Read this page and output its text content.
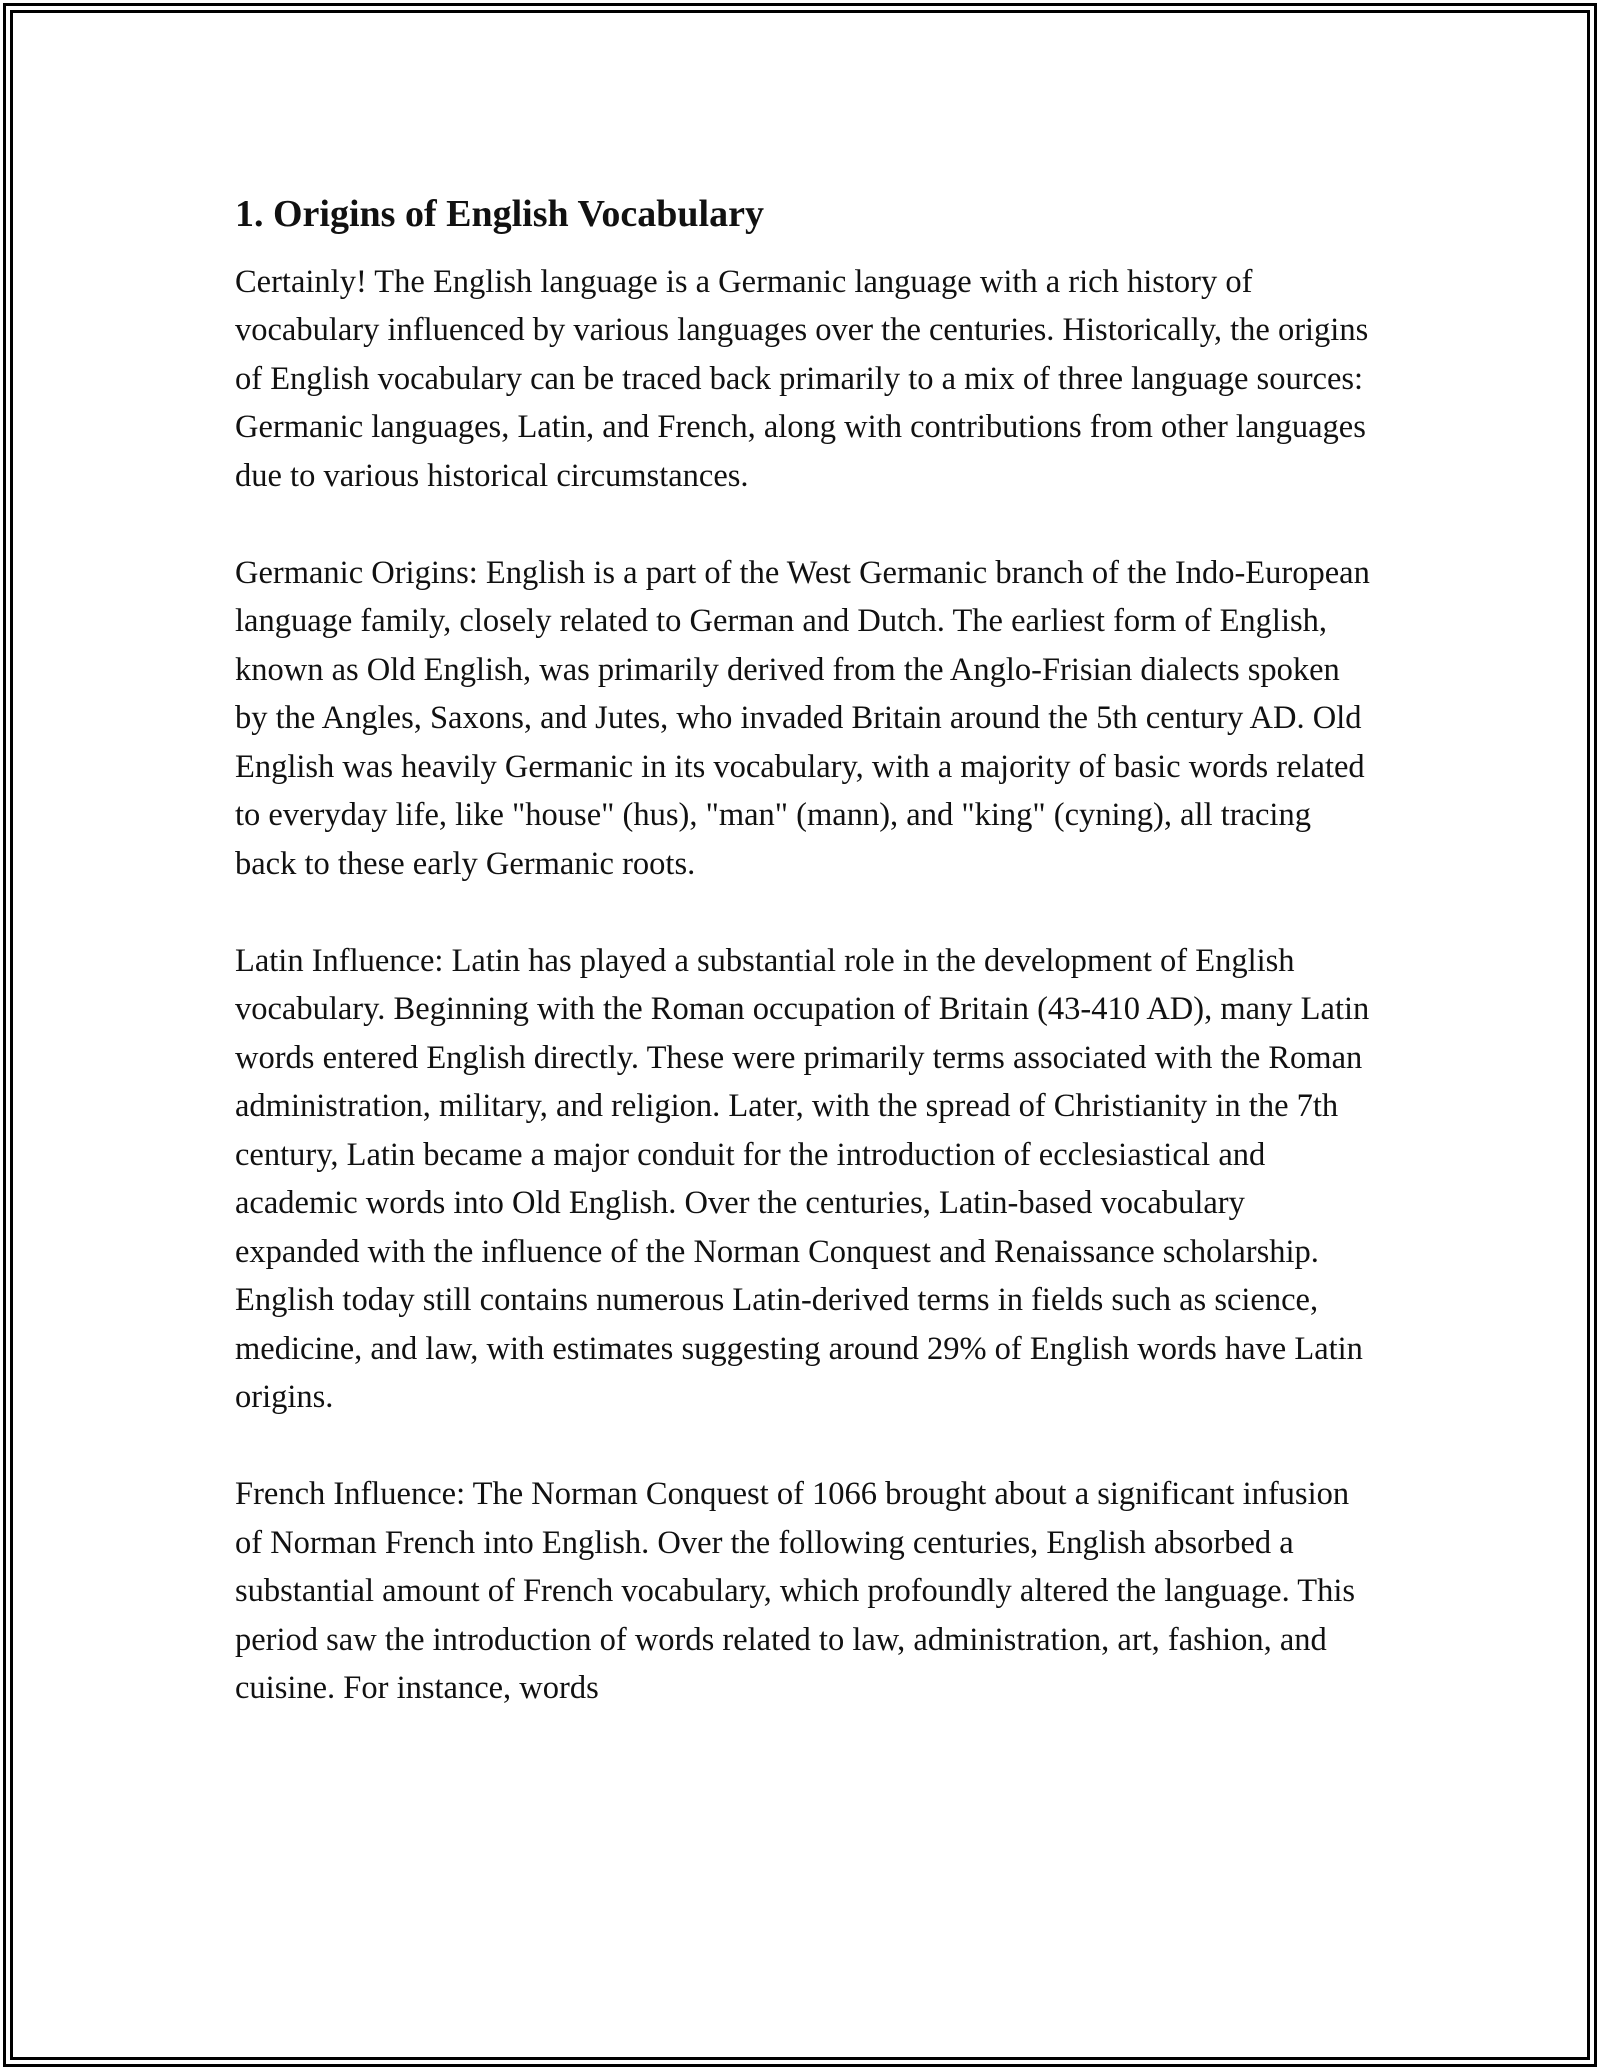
1. Origins of English Vocabulary

Certainly! The English language is a Germanic language with a rich history of vocabulary influenced by various languages over the centuries. Historically, the origins of English vocabulary can be traced back primarily to a mix of three language sources: Germanic languages, Latin, and French, along with contributions from other languages due to various historical circumstances.

Germanic Origins: English is a part of the West Germanic branch of the Indo-European language family, closely related to German and Dutch. The earliest form of English, known as Old English, was primarily derived from the Anglo-Frisian dialects spoken by the Angles, Saxons, and Jutes, who invaded Britain around the 5th century AD. Old English was heavily Germanic in its vocabulary, with a majority of basic words related to everyday life, like "house" (hus), "man" (mann), and "king" (cyning), all tracing back to these early Germanic roots.

Latin Influence: Latin has played a substantial role in the development of English vocabulary. Beginning with the Roman occupation of Britain (43-410 AD), many Latin words entered English directly. These were primarily terms associated with the Roman administration, military, and religion. Later, with the spread of Christianity in the 7th century, Latin became a major conduit for the introduction of ecclesiastical and academic words into Old English. Over the centuries, Latin-based vocabulary expanded with the influence of the Norman Conquest and Renaissance scholarship. English today still contains numerous Latin-derived terms in fields such as science, medicine, and law, with estimates suggesting around 29% of English words have Latin origins.

French Influence: The Norman Conquest of 1066 brought about a significant infusion of Norman French into English. Over the following centuries, English absorbed a substantial amount of French vocabulary, which profoundly altered the language. This period saw the introduction of words related to law, administration, art, fashion, and cuisine. For instance, words
